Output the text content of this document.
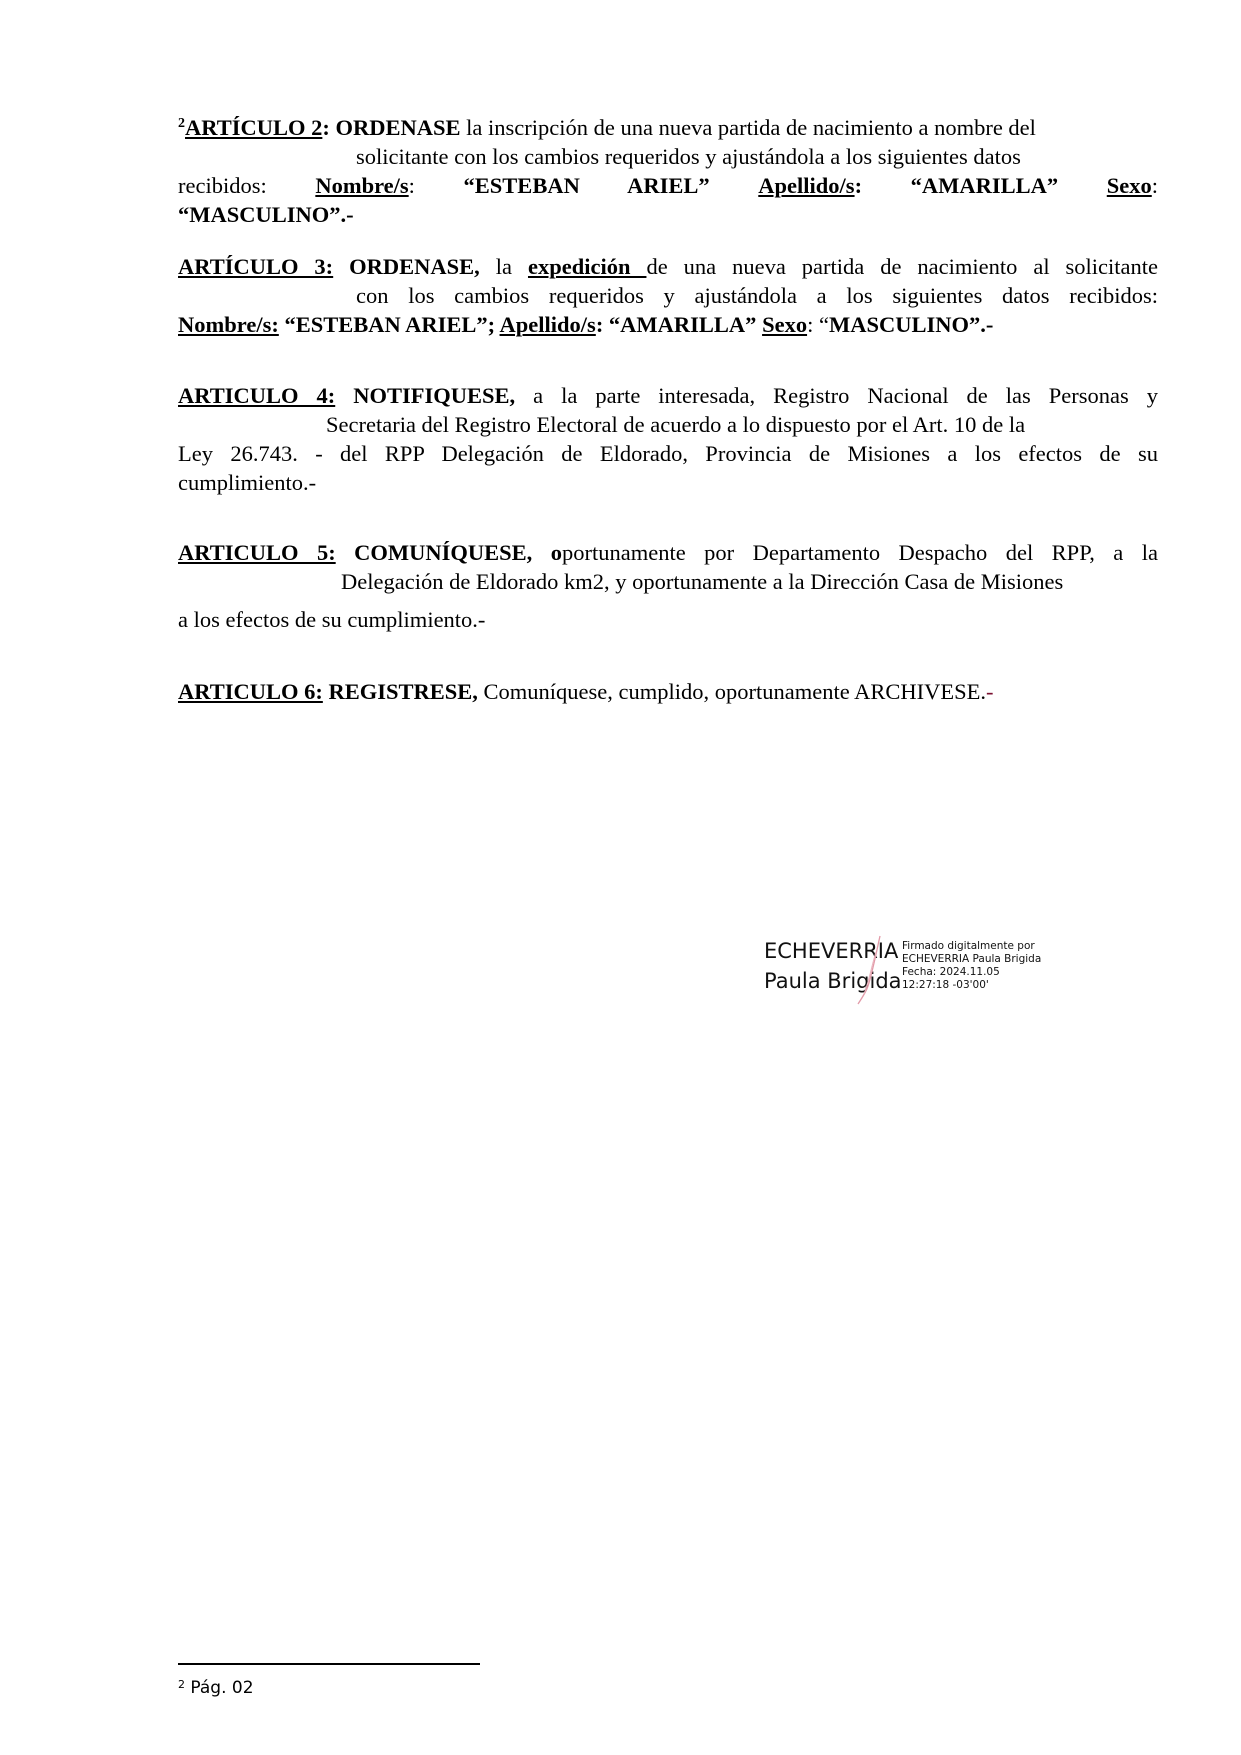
$^2$ARTÍCULO 2: ORDENASE la inscripción de una nueva partida de nacimiento a nombre del
solicitante con los cambios requeridos y ajustándola a los siguientes datos
recibidos: Nombre/s: “ESTEBAN ARIEL” Apellido/s: “AMARILLA” Sexo:
“MASCULINO”.-
ARTÍCULO 3: ORDENASE, la expedición de una nueva partida de nacimiento al solicitante
con los cambios requeridos y ajustándola a los siguientes datos recibidos:
Nombre/s: “ESTEBAN ARIEL”; Apellido/s: “AMARILLA” Sexo: “MASCULINO”.-
ARTICULO 4: NOTIFIQUESE, a la parte interesada, Registro Nacional de las Personas y
Secretaria del Registro Electoral de acuerdo a lo dispuesto por el Art. 10 de la
Ley 26.743. - del RPP Delegación de Eldorado, Provincia de Misiones a los efectos de su
cumplimiento.-
ARTICULO 5: COMUNÍQUESE, oportunamente por Departamento Despacho del RPP, a la
Delegación de Eldorado km2, y oportunamente a la Dirección Casa de Misiones
a los efectos de su cumplimiento.-
ARTICULO 6: REGISTRESE, Comuníquese, cumplido, oportunamente ARCHIVESE.-
ECHEVERRIA
Paula Brigida
Firmado digitalmente por
ECHEVERRIA Paula Brigida
Fecha: 2024.11.05
12:27:18 -03'00'
$^2$ Pág. 02
